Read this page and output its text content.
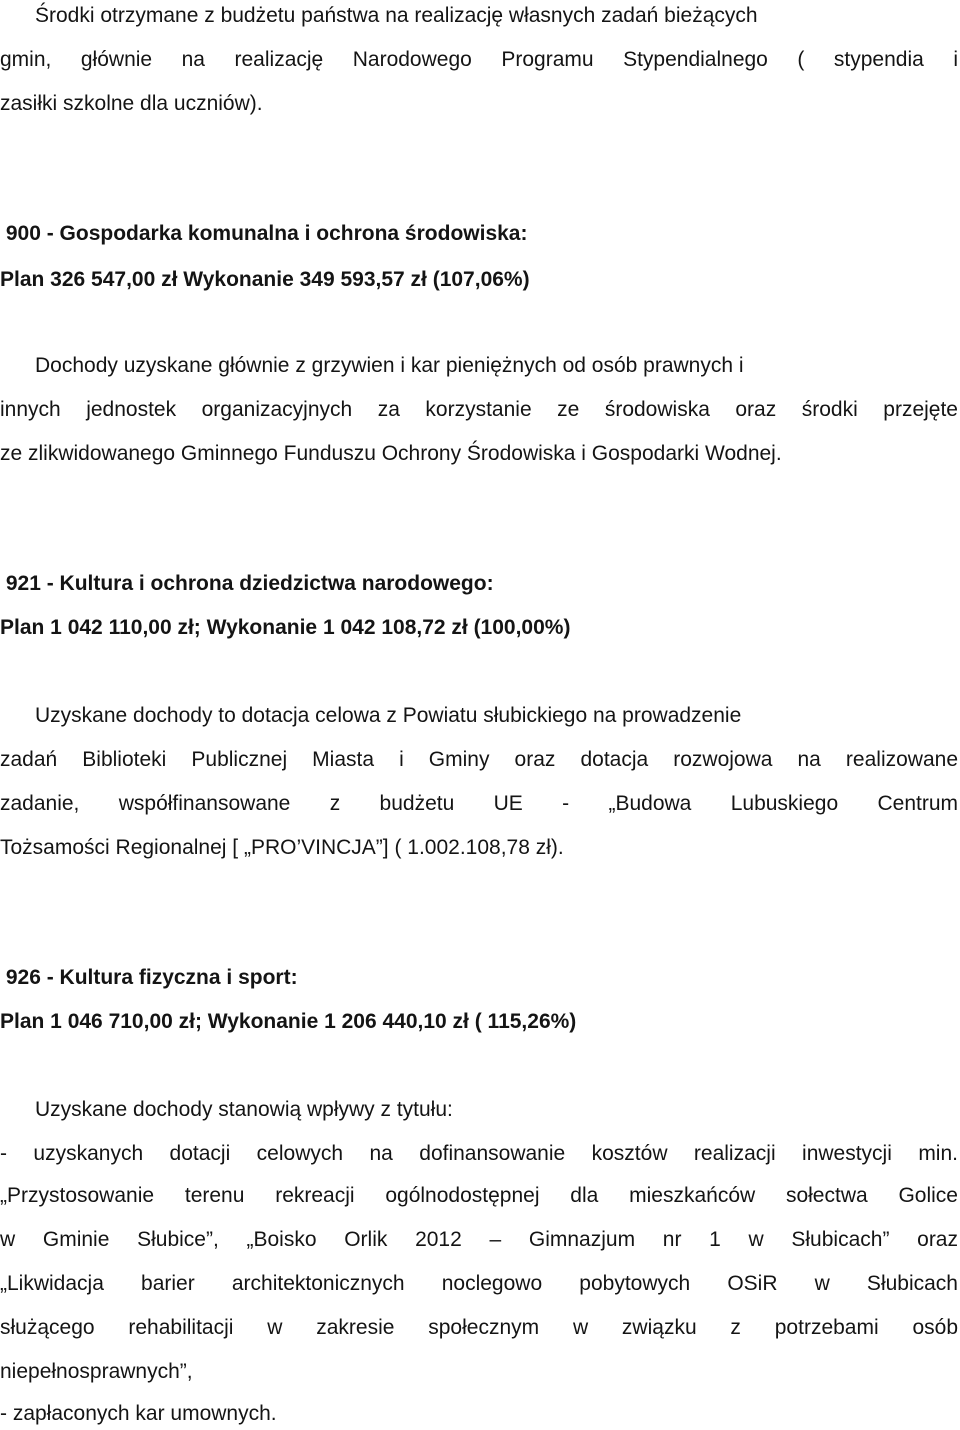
Środki otrzymane z budżetu państwa na realizację własnych zadań bieżących
gmin, głównie na realizację Narodowego Programu Stypendialnego ( stypendia i
zasiłki szkolne dla uczniów).
900 - Gospodarka komunalna i ochrona środowiska:
Plan 326 547,00 zł Wykonanie 349 593,57 zł (107,06%)
Dochody uzyskane głównie z grzywien i kar pieniężnych od osób prawnych i
innych jednostek organizacyjnych za korzystanie ze środowiska oraz środki przejęte
ze zlikwidowanego Gminnego Funduszu Ochrony Środowiska i Gospodarki Wodnej.
921 - Kultura i ochrona dziedzictwa narodowego:
Plan 1 042 110,00 zł; Wykonanie 1 042 108,72 zł (100,00%)
Uzyskane dochody to dotacja celowa z Powiatu słubickiego na prowadzenie
zadań Biblioteki Publicznej Miasta i Gminy oraz dotacja rozwojowa na realizowane
zadanie, współfinansowane z budżetu UE - „Budowa Lubuskiego Centrum
Tożsamości Regionalnej [ „PRO’VINCJA”] ( 1.002.108,78 zł).
926 - Kultura fizyczna i sport:
Plan 1 046 710,00 zł; Wykonanie 1 206 440,10 zł ( 115,26%)
Uzyskane dochody stanowią wpływy z tytułu:
- uzyskanych dotacji celowych na dofinansowanie kosztów realizacji inwestycji min.
„Przystosowanie terenu rekreacji ogólnodostępnej dla mieszkańców sołectwa Golice
w Gminie Słubice”, „Boisko Orlik 2012 – Gimnazjum nr 1 w Słubicach” oraz
„Likwidacja barier architektonicznych noclegowo pobytowych OSiR w Słubicach
służącego rehabilitacji w zakresie społecznym w związku z potrzebami osób
niepełnosprawnych”,
- zapłaconych kar umownych.
